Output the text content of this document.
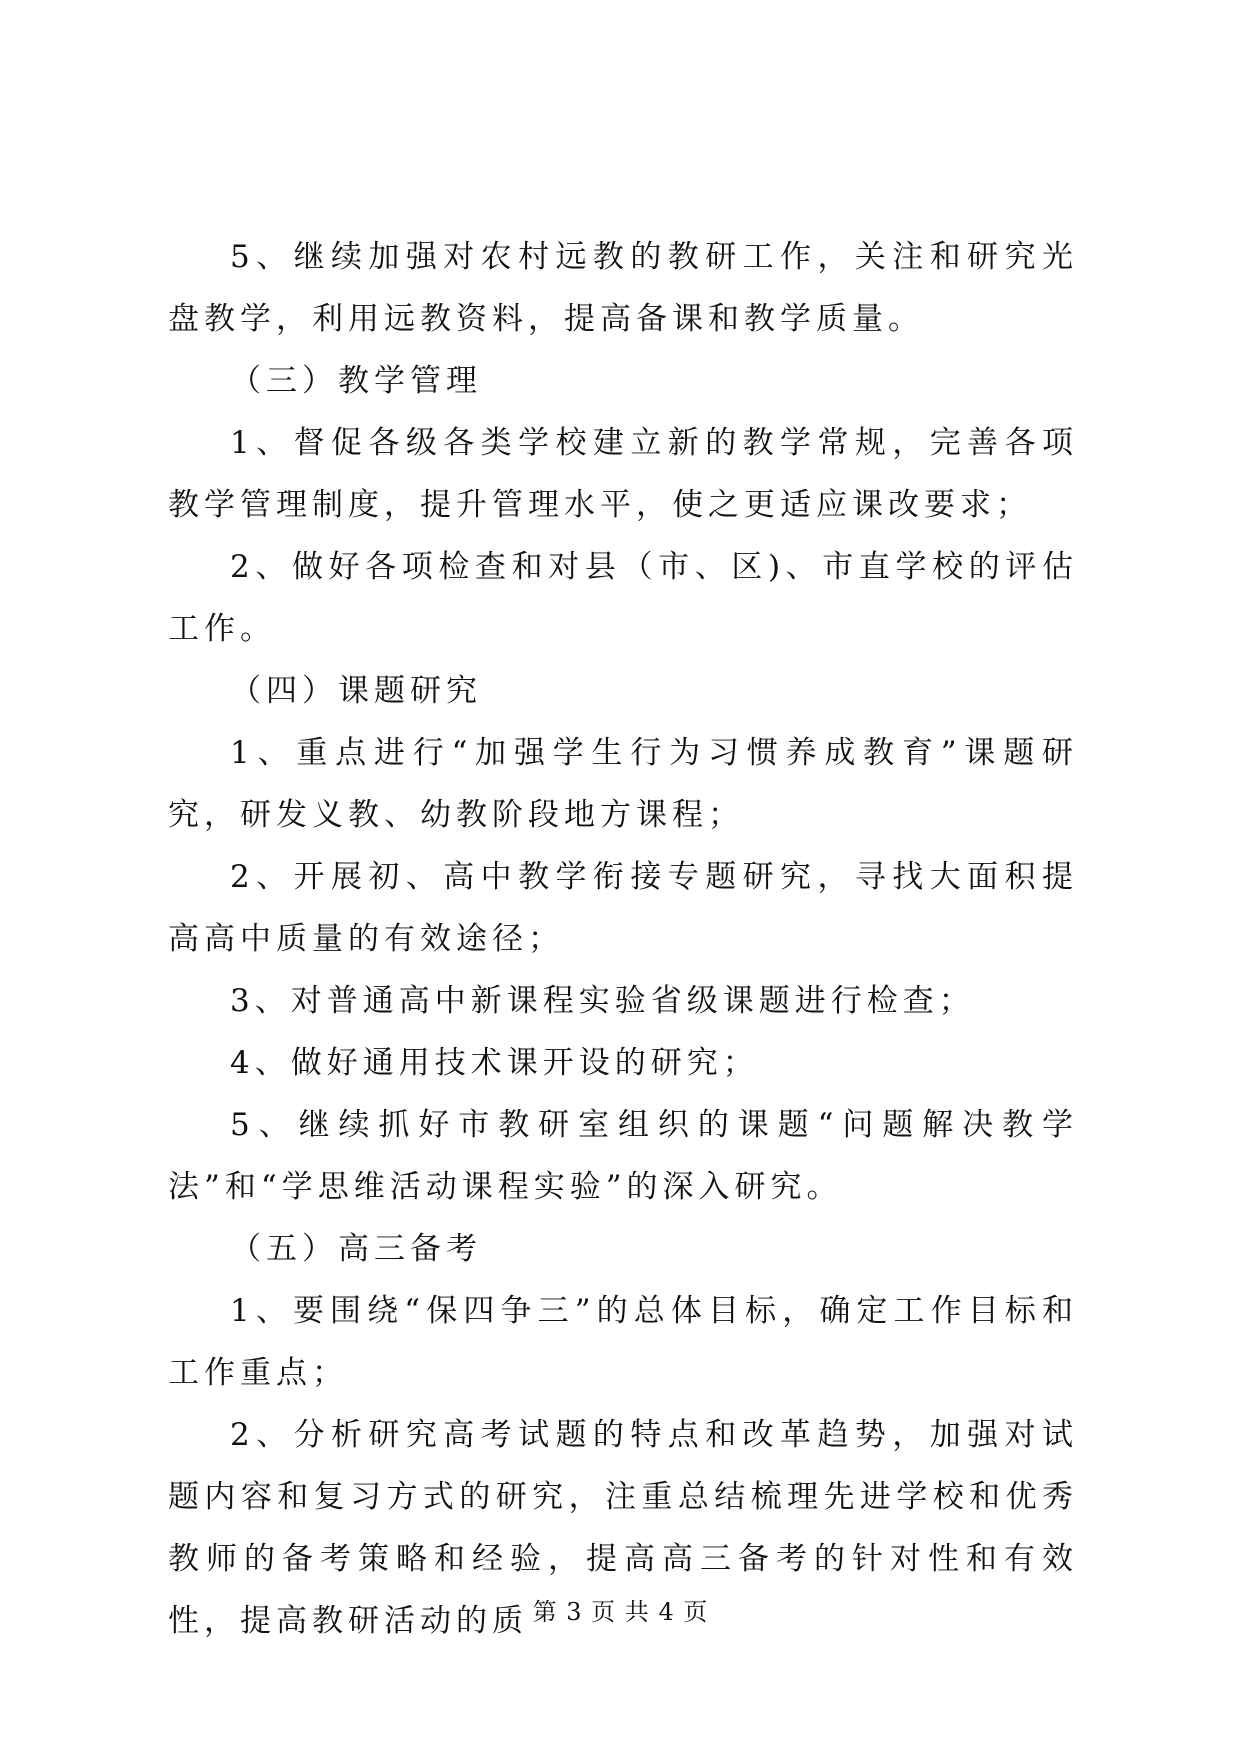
5、继续加强对农村远教的教研工作，关注和研究光盘教学，利用远教资料，提高备课和教学质量。

（三）教学管理

1、督促各级各类学校建立新的教学常规，完善各项教学管理制度，提升管理水平，使之更适应课改要求；

2、做好各项检查和对县（市、区)、市直学校的评估工作。

（四）课题研究

1、重点进行“加强学生行为习惯养成教育”课题研究，研发义教、幼教阶段地方课程；

2、开展初、高中教学衔接专题研究，寻找大面积提高高中质量的有效途径；

3、对普通高中新课程实验省级课题进行检查；

4、做好通用技术课开设的研究；

5、继续抓好市教研室组织的课题“问题解决教学法”和“学思维活动课程实验”的深入研究。

（五）高三备考

1、要围绕“保四争三”的总体目标，确定工作目标和工作重点；

2、分析研究高考试题的特点和改革趋势，加强对试题内容和复习方式的研究，注重总结梳理先进学校和优秀教师的备考策略和经验，提高高三备考的针对性和有效性，提高教研活动的质 第 3 页 共 4 页
